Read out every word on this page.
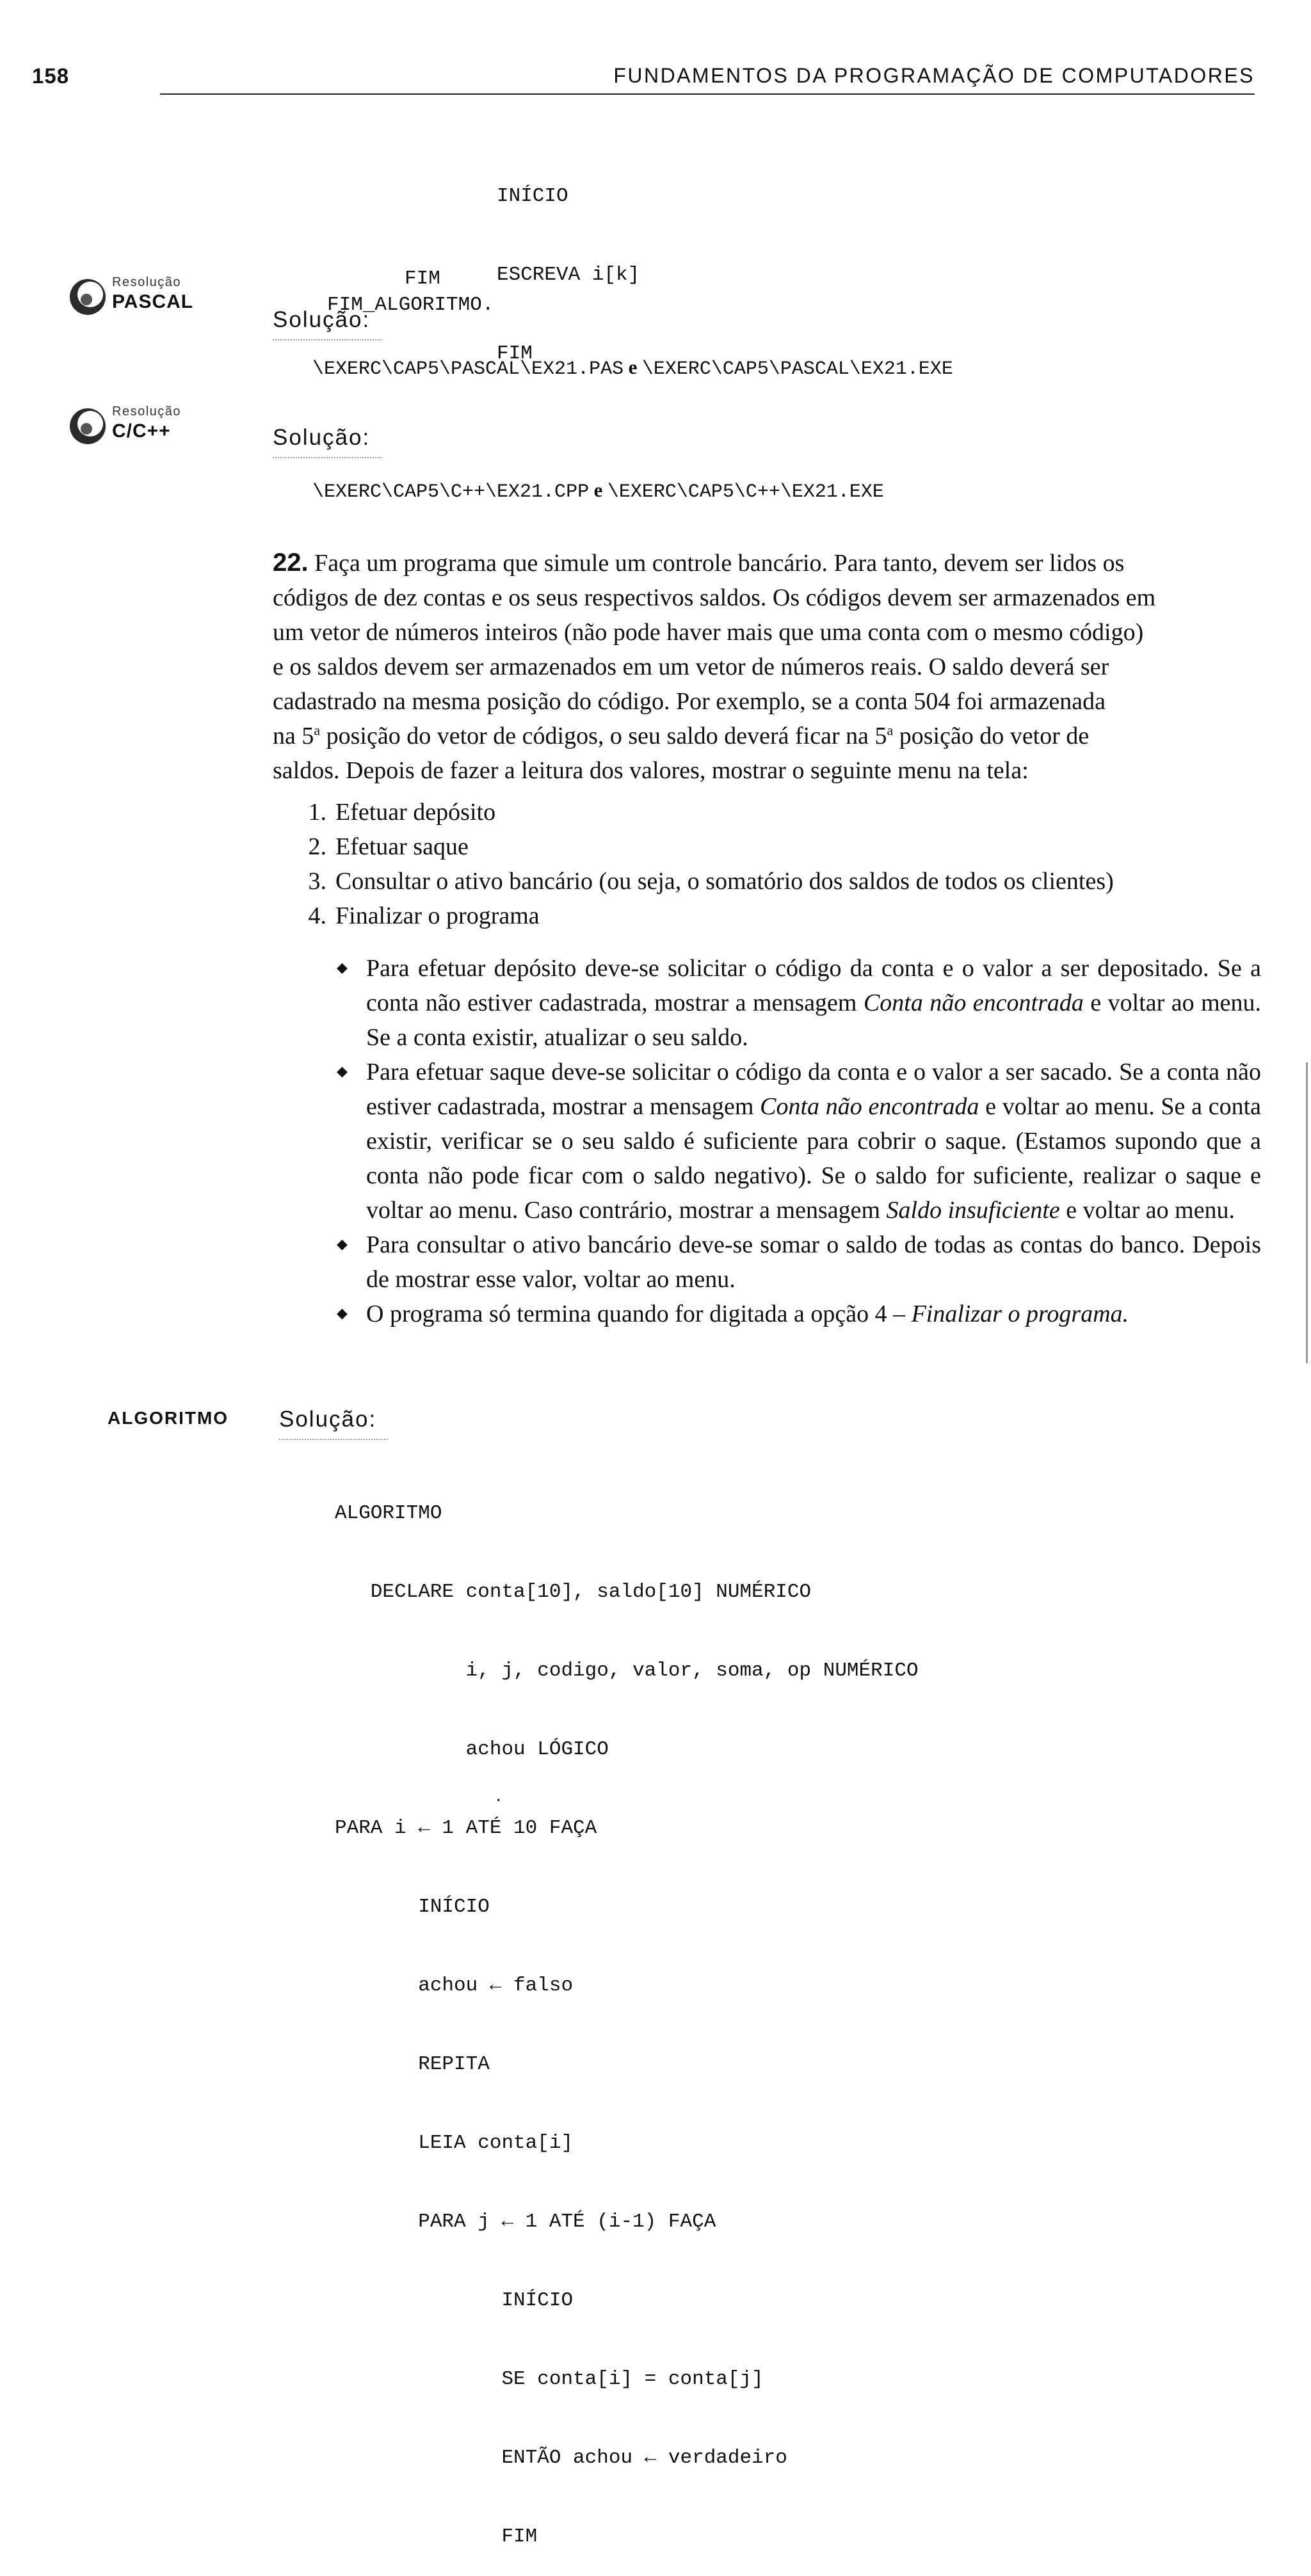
158	FUNDAMENTOS DA PROGRAMAÇÃO DE COMPUTADORES

INÍCIO

ESCREVA i[k]

FIM

FIM

FIM_ALGORITMO.

Resolução
PASCAL
Solução:
\EXERC\CAP5\PASCAL\EX21.PAS e \EXERC\CAP5\PASCAL\EX21.EXE
Resolução
C/C++	Solução:
\EXERC\CAP5\C++\EX21.CPP e \EXERC\CAP5\C++\EX21.EXE
22. Faça um programa que simule um controle bancário. Para tanto, devem ser lidos os
códigos de dez contas e os seus respectivos saldos. Os códigos devem ser armazenados em
um vetor de números inteiros (não pode haver mais que uma conta com o mesmo código)
e os saldos devem ser armazenados em um vetor de números reais. O saldo deverá ser
cadastrado na mesma posição do código. Por exemplo, se a conta 504 foi armazenada
na 5$^a$ posição do vetor de códigos, o seu saldo deverá ficar na 5$^a$ posição do vetor de
saldos. Depois de fazer a leitura dos valores, mostrar o seguinte menu na tela:
1. Efetuar depósito
2. Efetuar saque
3. Consultar o ativo bancário (ou seja, o somatório dos saldos de todos os clientes)
4. Finalizar o programa
◆ Para efetuar depósito deve-se solicitar o código da conta e o valor a ser depositado. Se a conta não estiver cadastrada, mostrar a mensagem Conta não encontrada e voltar ao menu. Se a conta existir, atualizar o seu saldo.
◆ Para efetuar saque deve-se solicitar o código da conta e o valor a ser sacado. Se a conta não estiver cadastrada, mostrar a mensagem Conta não encontrada e voltar ao menu. Se a conta existir, verificar se o seu saldo é suficiente para cobrir o saque. (Estamos supondo que a conta não pode ficar com o saldo negativo). Se o saldo for suficiente, realizar o saque e voltar ao menu. Caso contrário, mostrar a mensagem Saldo insuficiente e voltar ao menu.
◆ Para consultar o ativo bancário deve-se somar o saldo de todas as contas do banco. Depois de mostrar esse valor, voltar ao menu.
◆ O programa só termina quando for digitada a opção 4 – Finalizar o programa.
ALGORITMO Solução:

ALGORITMO

DECLARE conta[10], saldo[10] NUMÉRICO

i, j, codigo, valor, soma, op NUMÉRICO

achou LÓGICO

PARA i ← 1 ATÉ 10 FAÇA

INÍCIO

achou ← falso

REPITA

LEIA conta[i]

PARA j ← 1 ATÉ (i-1) FAÇA

INÍCIO

SE conta[i] = conta[j]

ENTÃO achou ← verdadeiro

FIM

.
